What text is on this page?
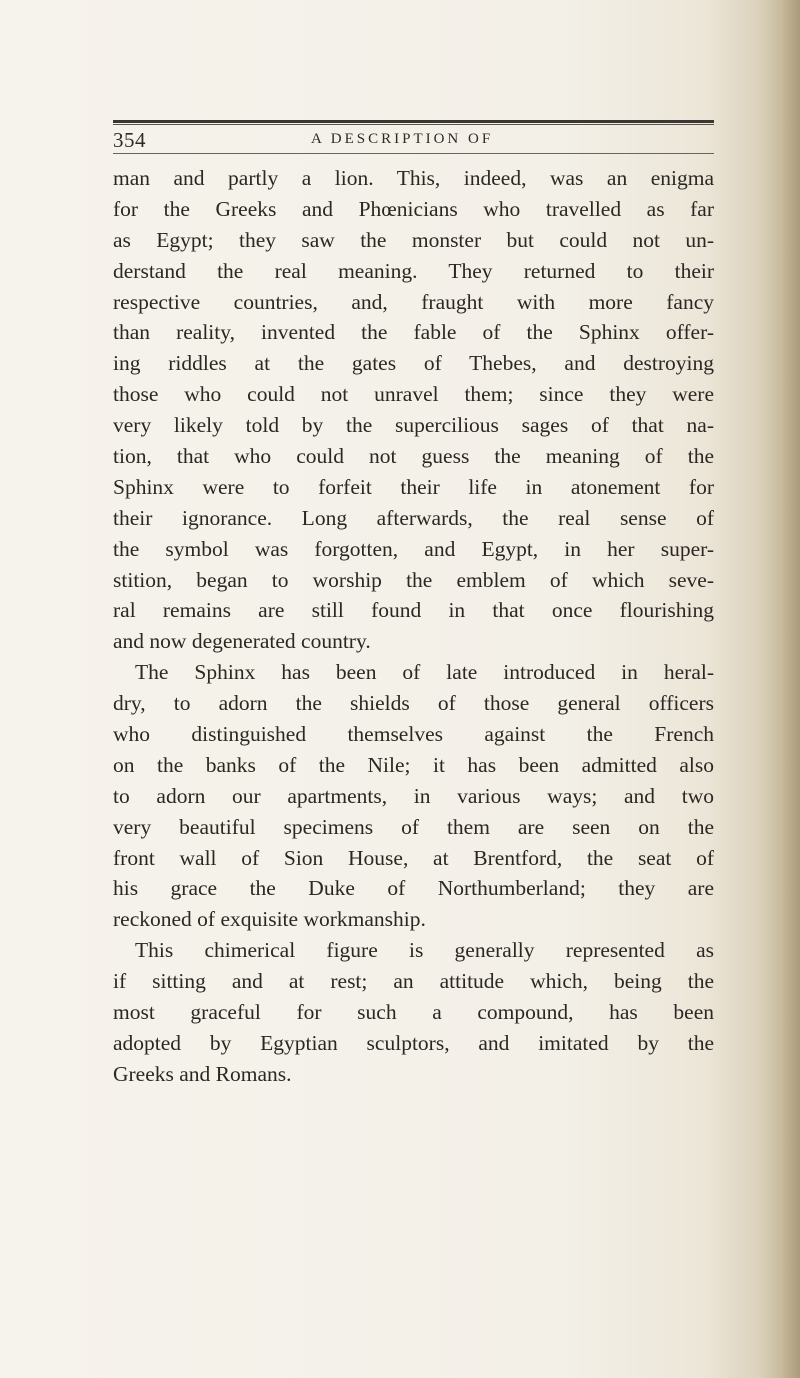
354	A DESCRIPTION OF
man and partly a lion. This, indeed, was an enigma
for the Greeks and Phœnicians who travelled as far
as Egypt; they saw the monster but could not un-
derstand the real meaning. They returned to their
respective countries, and, fraught with more fancy
than reality, invented the fable of the Sphinx offer-
ing riddles at the gates of Thebes, and destroying
those who could not unravel them; since they were
very likely told by the supercilious sages of that na-
tion, that who could not guess the meaning of the
Sphinx were to forfeit their life in atonement for
their ignorance. Long afterwards, the real sense of
the symbol was forgotten, and Egypt, in her super-
stition, began to worship the emblem of which seve-
ral remains are still found in that once flourishing
and now degenerated country.
The Sphinx has been of late introduced in heral-
dry, to adorn the shields of those general officers
who distinguished themselves against the French
on the banks of the Nile; it has been admitted also
to adorn our apartments, in various ways; and two
very beautiful specimens of them are seen on the
front wall of Sion House, at Brentford, the seat of
his grace the Duke of Northumberland; they are
reckoned of exquisite workmanship.
This chimerical figure is generally represented as
if sitting and at rest; an attitude which, being the
most graceful for such a compound, has been
adopted by Egyptian sculptors, and imitated by the
Greeks and Romans.
